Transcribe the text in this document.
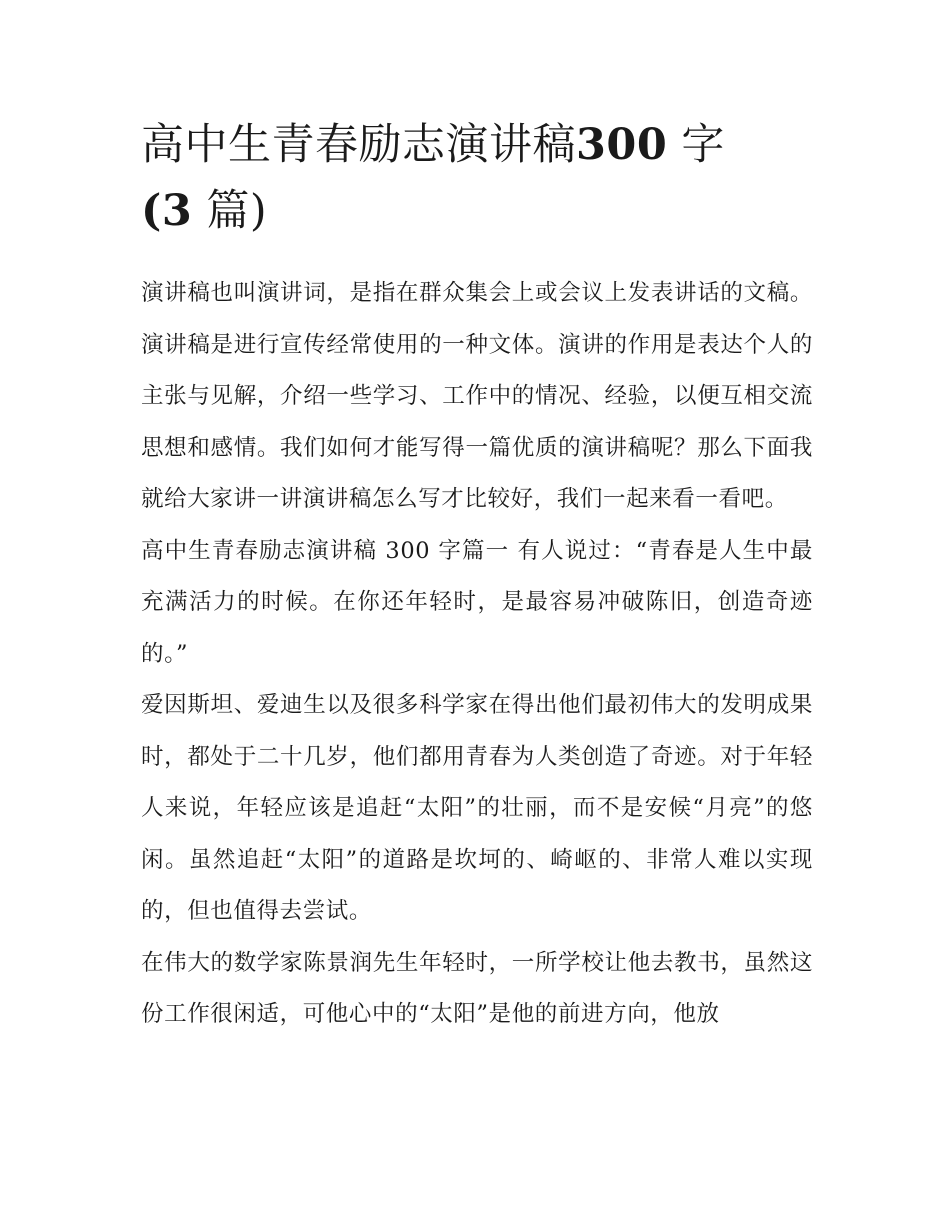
高中生青春励志演讲稿300 字
(3 篇)

演讲稿也叫演讲词，是指在群众集会上或会议上发表讲话的文稿。演讲稿是进行宣传经常使用的一种文体。演讲的作用是表达个人的主张与见解，介绍一些学习、工作中的情况、经验，以便互相交流思想和感情。我们如何才能写得一篇优质的演讲稿呢？那么下面我就给大家讲一讲演讲稿怎么写才比较好，我们一起来看一看吧。

高中生青春励志演讲稿 300 字篇一 有人说过：“青春是人生中最充满活力的时候。在你还年轻时，是最容易冲破陈旧，创造奇迹的。”

爱因斯坦、爱迪生以及很多科学家在得出他们最初伟大的发明成果时，都处于二十几岁，他们都用青春为人类创造了奇迹。对于年轻人来说，年轻应该是追赶“太阳”的壮丽，而不是安候“月亮”的悠闲。虽然追赶“太阳”的道路是坎坷的、崎岖的、非常人难以实现的，但也值得去尝试。

在伟大的数学家陈景润先生年轻时，一所学校让他去教书，虽然这份工作很闲适，可他心中的“太阳”是他的前进方向，他放
